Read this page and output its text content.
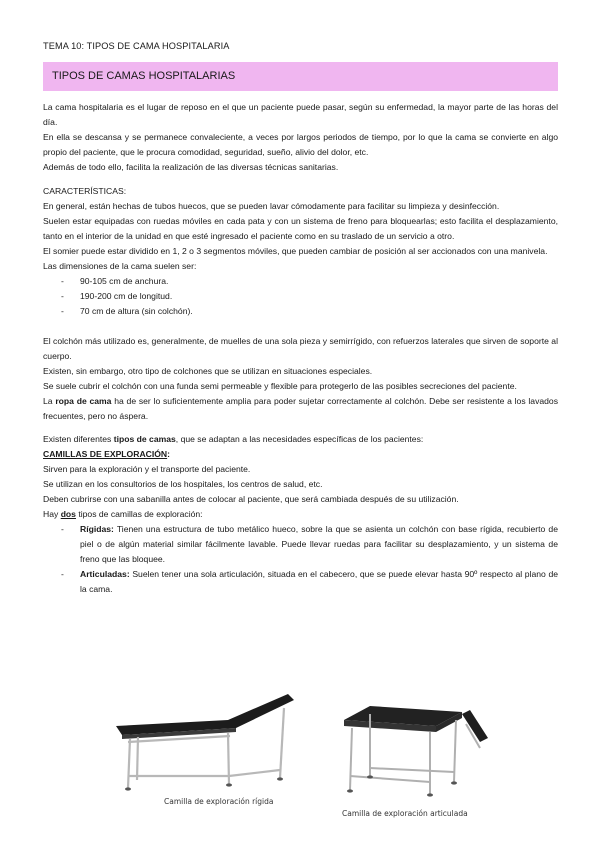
TEMA 10: TIPOS DE CAMA HOSPITALARIA
TIPOS DE CAMAS HOSPITALARIAS

La cama hospitalaria es el lugar de reposo en el que un paciente puede pasar, según su enfermedad, la mayor parte de las horas del día.

En ella se descansa y se permanece convaleciente, a veces por largos periodos de tiempo, por lo que la cama se convierte en algo propio del paciente, que le procura comodidad, seguridad, sueño, alivio del dolor, etc.

Además de todo ello, facilita la realización de las diversas técnicas sanitarias.

CARACTERÍSTICAS:

En general, están hechas de tubos huecos, que se pueden lavar cómodamente para facilitar su limpieza y desinfección.

Suelen estar equipadas con ruedas móviles en cada pata y con un sistema de freno para bloquearlas; esto facilita el desplazamiento, tanto en el interior de la unidad en que esté ingresado el paciente como en su traslado de un servicio a otro.

El somier puede estar dividido en 1, 2 o 3 segmentos móviles, que pueden cambiar de posición al ser accionados con una manivela.

Las dimensiones de la cama suelen ser:

- 90-105 cm de anchura.
- 190-200 cm de longitud.
- 70 cm de altura (sin colchón).

El colchón más utilizado es, generalmente, de muelles de una sola pieza y semirrígido, con refuerzos laterales que sirven de soporte al cuerpo.

Existen, sin embargo, otro tipo de colchones que se utilizan en situaciones especiales.

Se suele cubrir el colchón con una funda semi permeable y flexible para protegerlo de las posibles secreciones del paciente.

La ropa de cama ha de ser lo suficientemente amplia para poder sujetar correctamente al colchón. Debe ser resistente a los lavados frecuentes, pero no áspera.

Existen diferentes tipos de camas, que se adaptan a las necesidades específicas de los pacientes:

CAMILLAS DE EXPLORACIÓN:

Sirven para la exploración y el transporte del paciente.

Se utilizan en los consultorios de los hospitales, los centros de salud, etc.

Deben cubrirse con una sabanilla antes de colocar al paciente, que será cambiada después de su utilización.

Hay dos tipos de camillas de exploración:

- Rígidas: Tienen una estructura de tubo metálico hueco, sobre la que se asienta un colchón con base rígida, recubierto de piel o de algún material similar fácilmente lavable. Puede llevar ruedas para facilitar su desplazamiento, y un sistema de freno que las bloquee.
- Articuladas: Suelen tener una sola articulación, situada en el cabecero, que se puede elevar hasta 90º respecto al plano de la cama.
Camilla de exploración rígida
Camilla de exploración articulada
